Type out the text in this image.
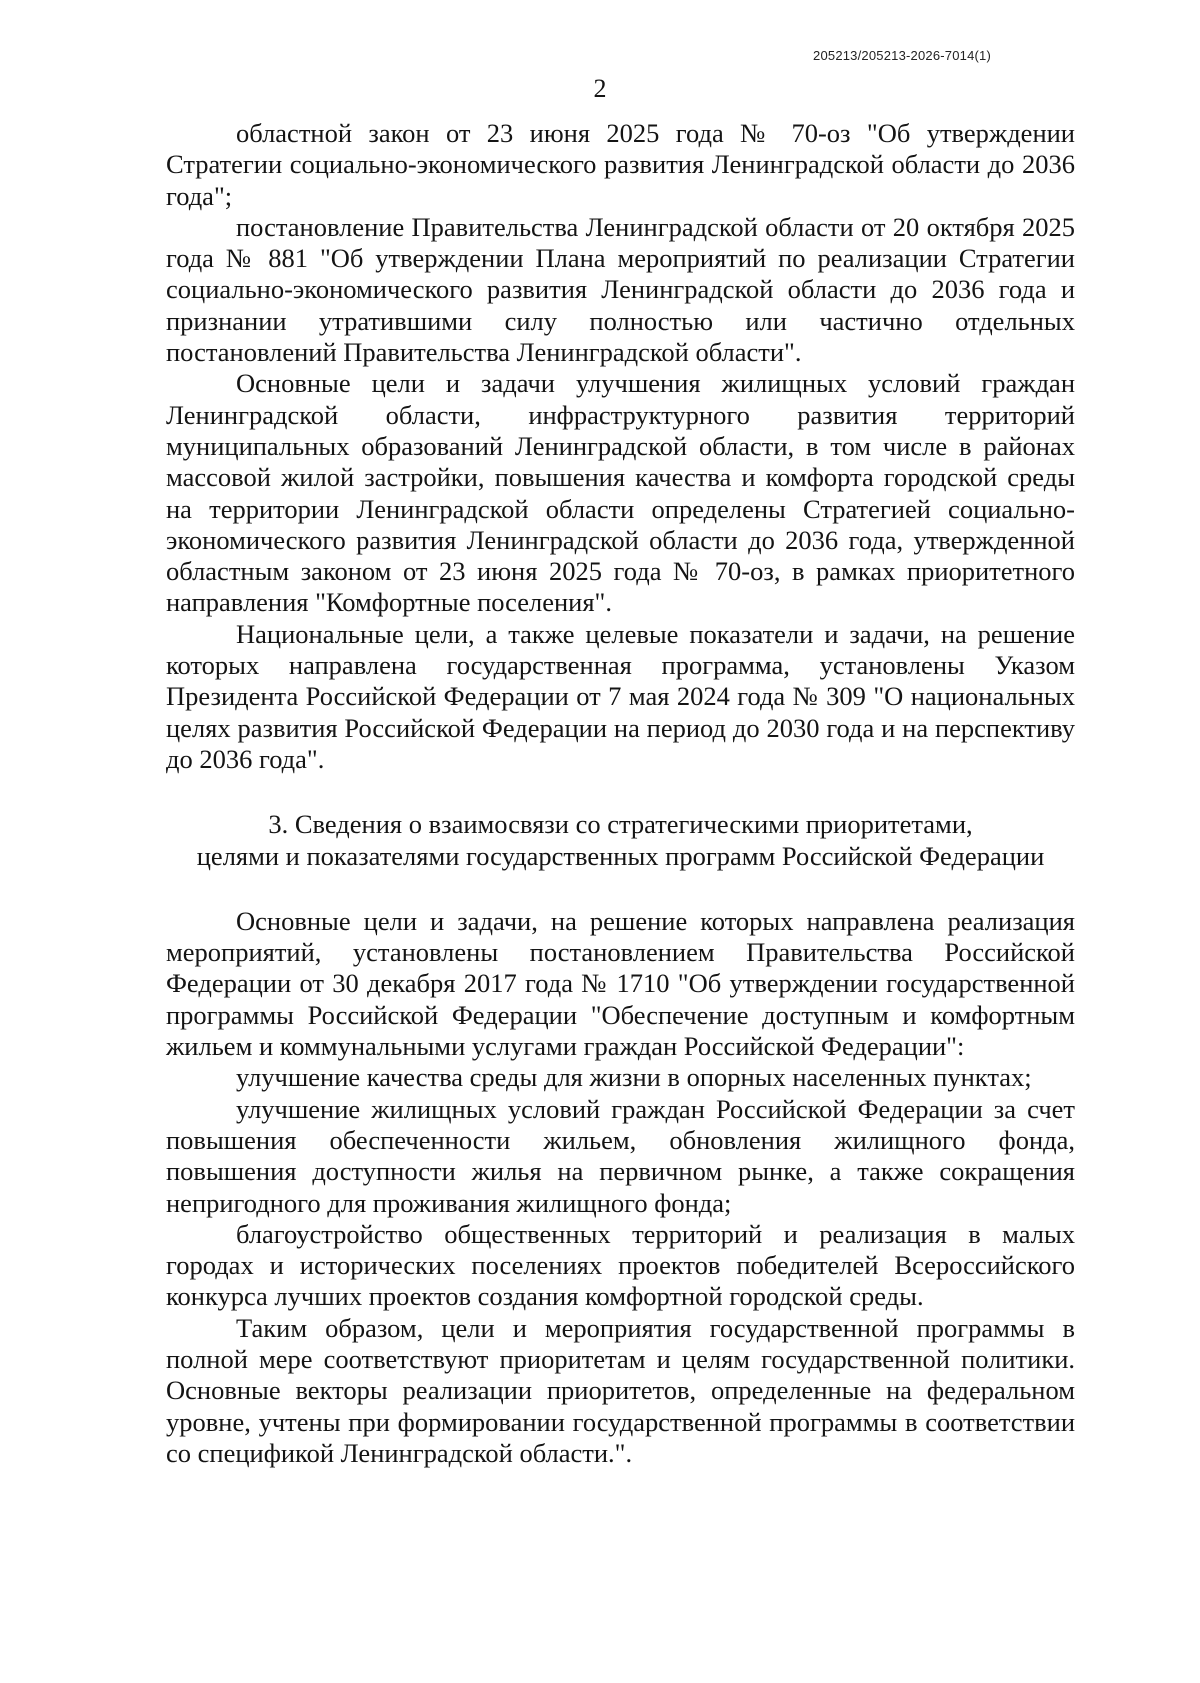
205213/205213-2026-7014(1)
2

областной закон от 23 июня 2025 года № 70-оз "Об утверждении Стратегии социально-экономического развития Ленинградской области до 2036 года";

постановление Правительства Ленинградской области от 20 октября 2025 года № 881 "Об утверждении Плана мероприятий по реализации Стратегии социально-экономического развития Ленинградской области до 2036 года и признании утратившими силу полностью или частично отдельных постановлений Правительства Ленинградской области".

Основные цели и задачи улучшения жилищных условий граждан Ленинградской области, инфраструктурного развития территорий муниципальных образований Ленинградской области, в том числе в районах массовой жилой застройки, повышения качества и комфорта городской среды на территории Ленинградской области определены Стратегией социально-экономического развития Ленинградской области до 2036 года, утвержденной областным законом от 23 июня 2025 года № 70-оз, в рамках приоритетного направления "Комфортные поселения".

Национальные цели, а также целевые показатели и задачи, на решение которых направлена государственная программа, установлены Указом Президента Российской Федерации от 7 мая 2024 года № 309 "О национальных целях развития Российской Федерации на период до 2030 года и на перспективу до 2036 года".

3. Сведения о взаимосвязи со стратегическими приоритетами,
целями и показателями государственных программ Российской Федерации

Основные цели и задачи, на решение которых направлена реализация мероприятий, установлены постановлением Правительства Российской Федерации от 30 декабря 2017 года № 1710 "Об утверждении государственной программы Российской Федерации "Обеспечение доступным и комфортным жильем и коммунальными услугами граждан Российской Федерации":

улучшение качества среды для жизни в опорных населенных пунктах;

улучшение жилищных условий граждан Российской Федерации за счет повышения обеспеченности жильем, обновления жилищного фонда, повышения доступности жилья на первичном рынке, а также сокращения непригодного для проживания жилищного фонда;

благоустройство общественных территорий и реализация в малых городах и исторических поселениях проектов победителей Всероссийского конкурса лучших проектов создания комфортной городской среды.

Таким образом, цели и мероприятия государственной программы в полной мере соответствуют приоритетам и целям государственной политики. Основные векторы реализации приоритетов, определенные на федеральном уровне, учтены при формировании государственной программы в соответствии со спецификой Ленинградской области.".
